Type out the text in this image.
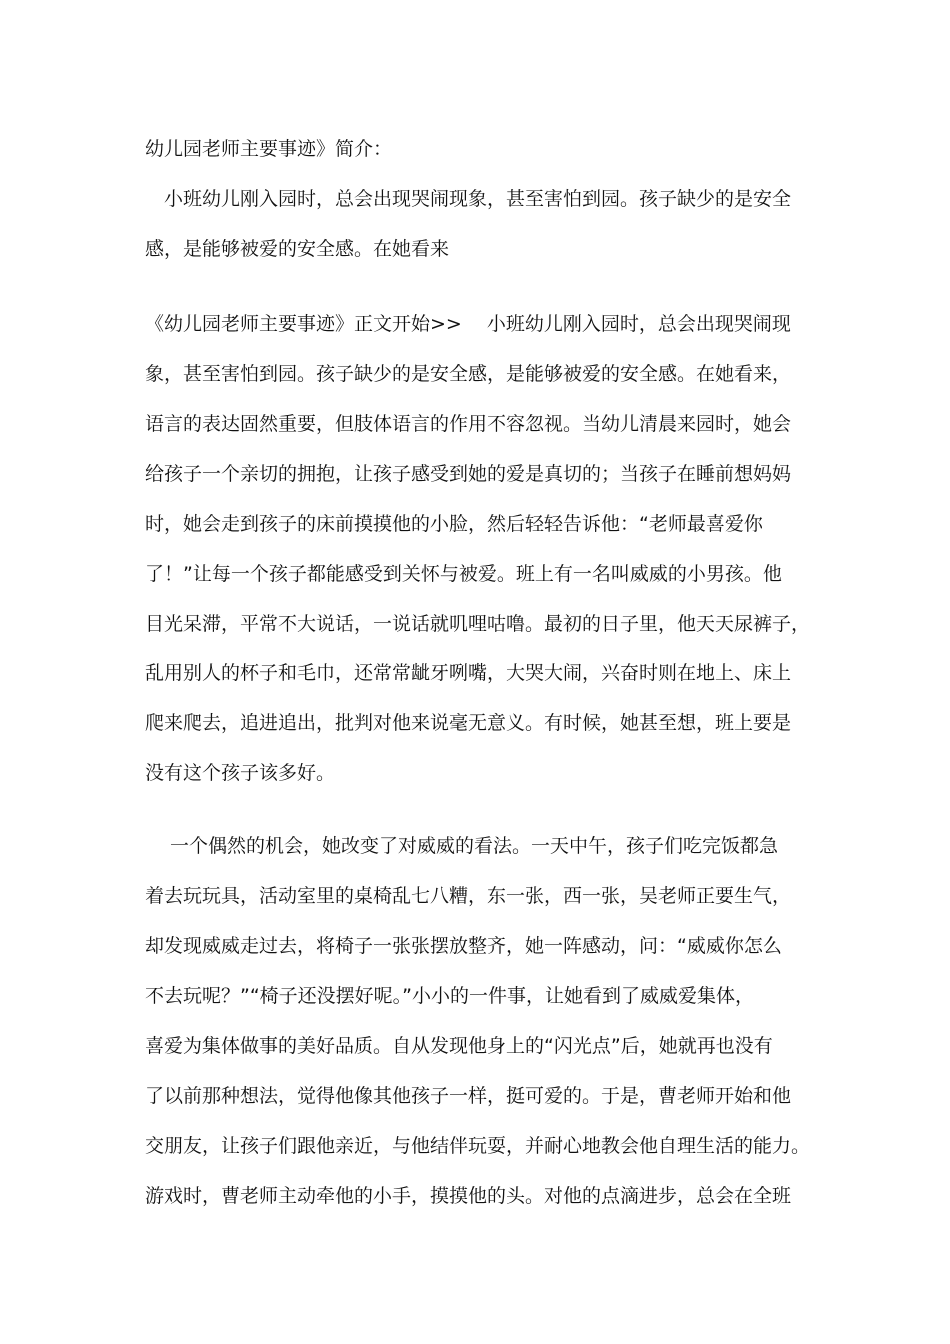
幼儿园老师主要事迹》简介：
　小班幼儿刚入园时，总会出现哭闹现象，甚至害怕到园。孩子缺少的是安全
感，是能够被爱的安全感。在她看来
《幼儿园老师主要事迹》正文开始>>　 小班幼儿刚入园时，总会出现哭闹现
象，甚至害怕到园。孩子缺少的是安全感，是能够被爱的安全感。在她看来，
语言的表达固然重要，但肢体语言的作用不容忽视。当幼儿清晨来园时，她会
给孩子一个亲切的拥抱，让孩子感受到她的爱是真切的；当孩子在睡前想妈妈
时，她会走到孩子的床前摸摸他的小脸，然后轻轻告诉他：“老师最喜爱你
了！”让每一个孩子都能感受到关怀与被爱。班上有一名叫威威的小男孩。他
目光呆滞，平常不大说话，一说话就叽哩咕噜。最初的日子里，他天天尿裤子，
乱用别人的杯子和毛巾，还常常龇牙咧嘴，大哭大闹，兴奋时则在地上、床上
爬来爬去，追进追出，批判对他来说毫无意义。有时候，她甚至想，班上要是
没有这个孩子该多好。
　 一个偶然的机会，她改变了对威威的看法。一天中午，孩子们吃完饭都急
着去玩玩具，活动室里的桌椅乱七八糟，东一张，西一张，吴老师正要生气，
却发现威威走过去，将椅子一张张摆放整齐，她一阵感动，问：“威威你怎么
不去玩呢？”“椅子还没摆好呢。”小小的一件事，让她看到了威威爱集体，
喜爱为集体做事的美好品质。自从发现他身上的“闪光点”后，她就再也没有
了以前那种想法，觉得他像其他孩子一样，挺可爱的。于是，曹老师开始和他
交朋友，让孩子们跟他亲近，与他结伴玩耍，并耐心地教会他自理生活的能力。
游戏时，曹老师主动牵他的小手，摸摸他的头。对他的点滴进步，总会在全班
